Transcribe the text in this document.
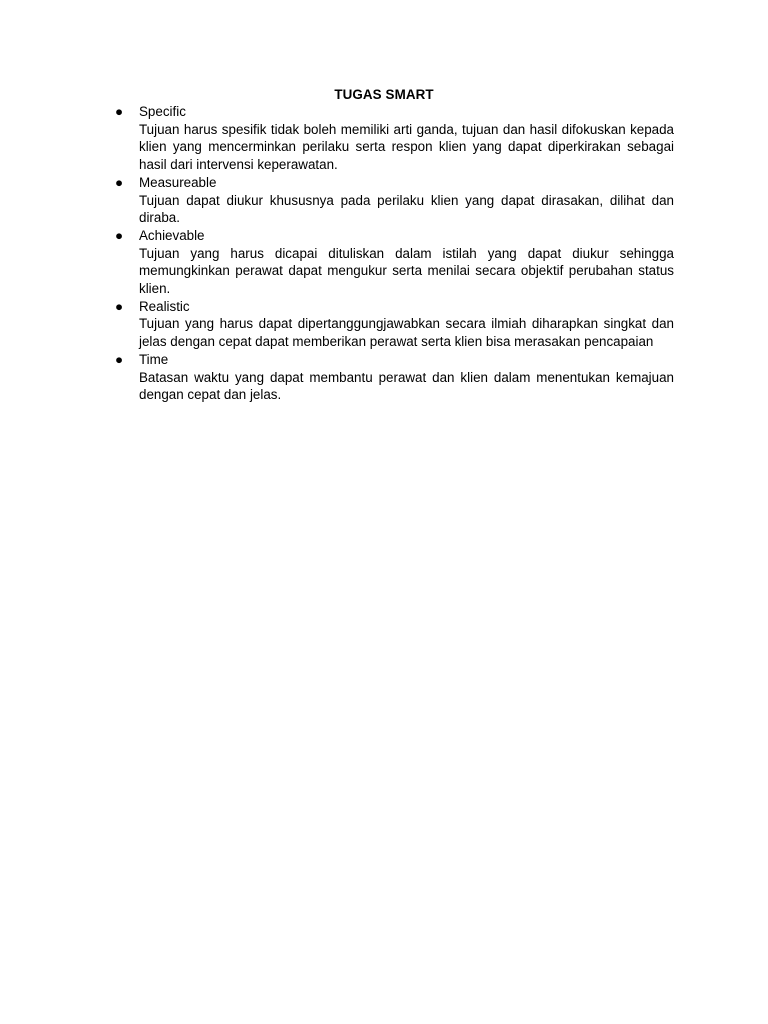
TUGAS SMART
● Specific
Tujuan harus spesifik tidak boleh memiliki arti ganda, tujuan dan hasil difokuskan kepada klien yang mencerminkan perilaku serta respon klien yang dapat diperkirakan sebagai hasil dari intervensi keperawatan.
● Measureable
Tujuan dapat diukur khususnya pada perilaku klien yang dapat dirasakan, dilihat dan diraba.
● Achievable
Tujuan yang harus dicapai dituliskan dalam istilah yang dapat diukur sehingga memungkinkan perawat dapat mengukur serta menilai secara objektif perubahan status klien.
● Realistic
Tujuan yang harus dapat dipertanggungjawabkan secara ilmiah diharapkan singkat dan jelas dengan cepat dapat memberikan perawat serta klien bisa merasakan pencapaian
● Time
Batasan waktu yang dapat membantu perawat dan klien dalam menentukan kemajuan dengan cepat dan jelas.
